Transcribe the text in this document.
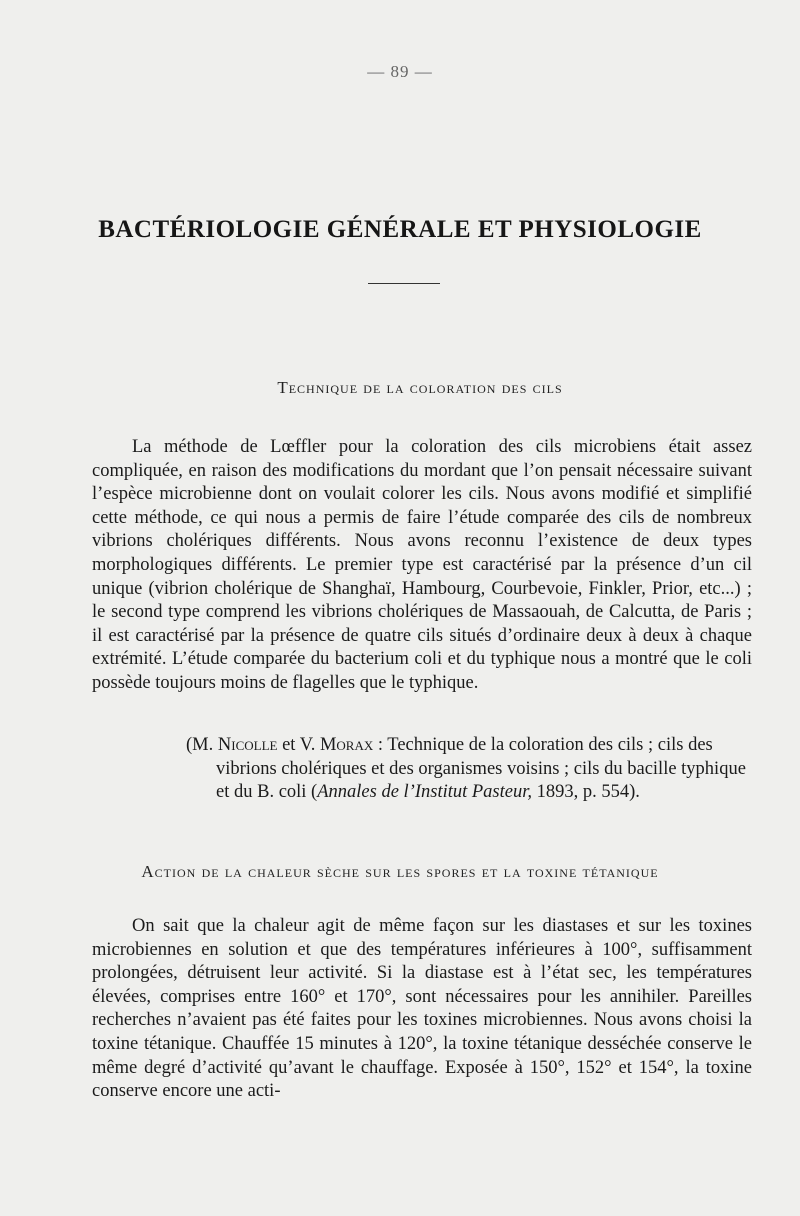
— 89 —
BACTÉRIOLOGIE GÉNÉRALE ET PHYSIOLOGIE
Technique de la coloration des cils

La méthode de Lœffler pour la coloration des cils microbiens était assez compliquée, en raison des modifications du mordant que l’on pensait nécessaire suivant l’espèce microbienne dont on voulait colorer les cils. Nous avons modifié et simplifié cette méthode, ce qui nous a permis de faire l’étude comparée des cils de nombreux vibrions cholériques différents. Nous avons reconnu l’existence de deux types morphologiques différents. Le premier type est caractérisé par la présence d’un cil unique (vibrion cholérique de Shanghaï, Hambourg, Courbevoie, Finkler, Prior, etc...) ; le second type comprend les vibrions cholériques de Massaouah, de Calcutta, de Paris ; il est caractérisé par la présence de quatre cils situés d’ordinaire deux à deux à chaque extrémité. L’étude comparée du bacterium coli et du typhique nous a montré que le coli possède toujours moins de flagelles que le typhique.

(M. Nicolle et V. Morax : Technique de la coloration des cils ; cils des vibrions cholériques et des organismes voisins ; cils du bacille typhique et du B. coli (Annales de l’Institut Pasteur, 1893, p. 554).

Action de la chaleur sèche sur les spores et la toxine tétanique

On sait que la chaleur agit de même façon sur les diastases et sur les toxines microbiennes en solution et que des températures inférieures à 100°, suffisamment prolongées, détruisent leur activité. Si la diastase est à l’état sec, les températures élevées, comprises entre 160° et 170°, sont nécessaires pour les annihiler. Pareilles recherches n’avaient pas été faites pour les toxines microbiennes. Nous avons choisi la toxine tétanique. Chauffée 15 minutes à 120°, la toxine tétanique desséchée conserve le même degré d’activité qu’avant le chauffage. Exposée à 150°, 152° et 154°, la toxine conserve encore une acti-
